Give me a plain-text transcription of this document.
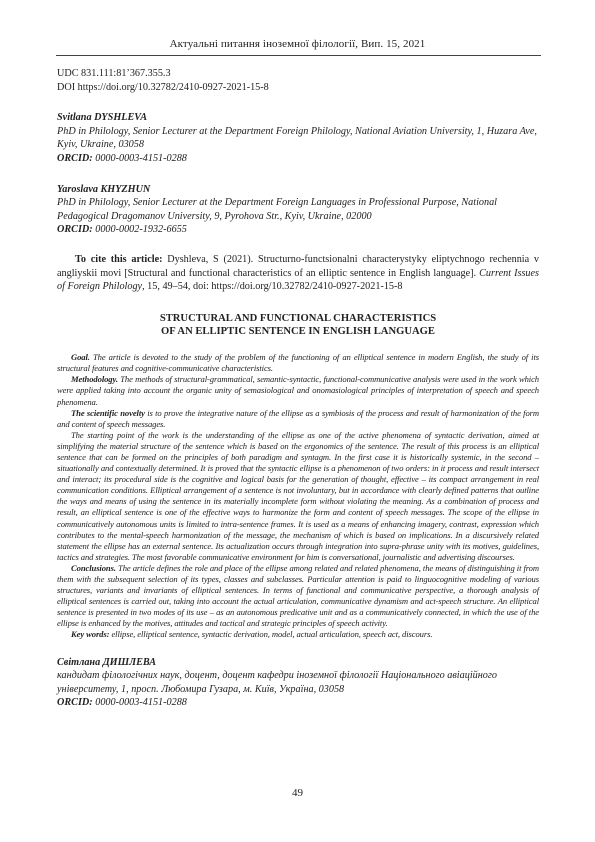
Актуальні питання іноземної філології, Вип. 15, 2021

UDC 831.111:81’367.355.3

DOI https://doi.org/10.32782/2410-0927-2021-15-8

Svitlana DYSHLEVA
PhD in Philology, Senior Lecturer at the Department Foreign Philology, National Aviation University, 1, Huzara Ave, Kyiv, Ukraine, 03058
ORCID: 0000-0003-4151-0288
Yaroslava KHYZHUN
PhD in Philology, Senior Lecturer at the Department Foreign Languages in Professional Purpose, National Pedagogical Dragomanov University, 9, Pyrohova Str., Kyiv, Ukraine, 02000
ORCID: 0000-0002-1932-6655
To cite this article: Dyshleva, S (2021). Structurno-functsionalni characterystyky eliptychnogo rechennia v angliyskii movi [Structural and functional characteristics of an elliptic sentence in English language]. Current Issues of Foreign Philology, 15, 49–54, doi: https://doi.org/10.32782/2410-0927-2021-15-8
STRUCTURAL AND FUNCTIONAL CHARACTERISTICS
OF AN ELLIPTIC SENTENCE IN ENGLISH LANGUAGE

Goal. The article is devoted to the study of the problem of the functioning of an elliptical sentence in modern English, the study of its structural features and cognitive-communicative characteristics.

Methodology. The methods of structural-grammatical, semantic-syntactic, functional-communicative analysis were used in the work which were applied taking into account the organic unity of semasiological and onomasiological principles of interpretation of speech and speech phenomena.

The scientific novelty is to prove the integrative nature of the ellipse as a symbiosis of the process and result of harmonization of the form and content of speech messages.

The starting point of the work is the understanding of the ellipse as one of the active phenomena of syntactic derivation, aimed at simplifying the material structure of the sentence which is based on the ergonomics of the sentence. The result of this process is an elliptical sentence that can be formed on the principles of both paradigm and syntagm. In the first case it is historically systemic, in the second – situationally and contextually determined. It is proved that the syntactic ellipse is a phenomenon of two orders: in it process and result intersect and interact; its procedural side is the cognitive and logical basis for the generation of thought, effective – its compact arrangement in real communication conditions. Elliptical arrangement of a sentence is not involuntary, but in accordance with clearly defined patterns that outline the ways and means of using the sentence in its materially incomplete form without violating the meaning. As a combination of process and result, an elliptical sentence is one of the effective ways to harmonize the form and content of speech messages. The scope of the ellipse in communicatively autonomous units is limited to intra-sentence frames. It is used as a means of enhancing imagery, contrast, expression which contributes to the mental-speech harmonization of the message, the mechanism of which is based on implications. In a discursively related statement the ellipse has an external sentence. Its actualization occurs through integration into supra-phrase unity with its motives, guidelines, tactics and strategies. The most favorable communicative environment for him is conversational, journalistic and advertising discourses.

Conclusions. The article defines the role and place of the ellipse among related and related phenomena, the means of distinguishing it from them with the subsequent selection of its types, classes and subclasses. Particular attention is paid to linguocognitive modeling of various structures, variants and invariants of elliptical sentences. In terms of functional and communicative perspective, a thorough analysis of elliptical sentences is carried out, taking into account the actual articulation, communicative dynamism and act-speech structure. An elliptical sentence is presented in two modes of its use – as an autonomous predicative unit and as a communicatively connected, in which the use of the ellipse is enhanced by the motives, attitudes and tactical and strategic principles of speech activity.

Key words: ellipse, elliptical sentence, syntactic derivation, model, actual articulation, speech act, discours.

Світлана ДИШЛЕВА
кандидат філологічних наук, доцент, доцент кафедри іноземної філології Національного авіаційного університету, 1, просп. Любомира Гузара, м. Київ, Україна, 03058
ORCID: 0000-0003-4151-0288
49
